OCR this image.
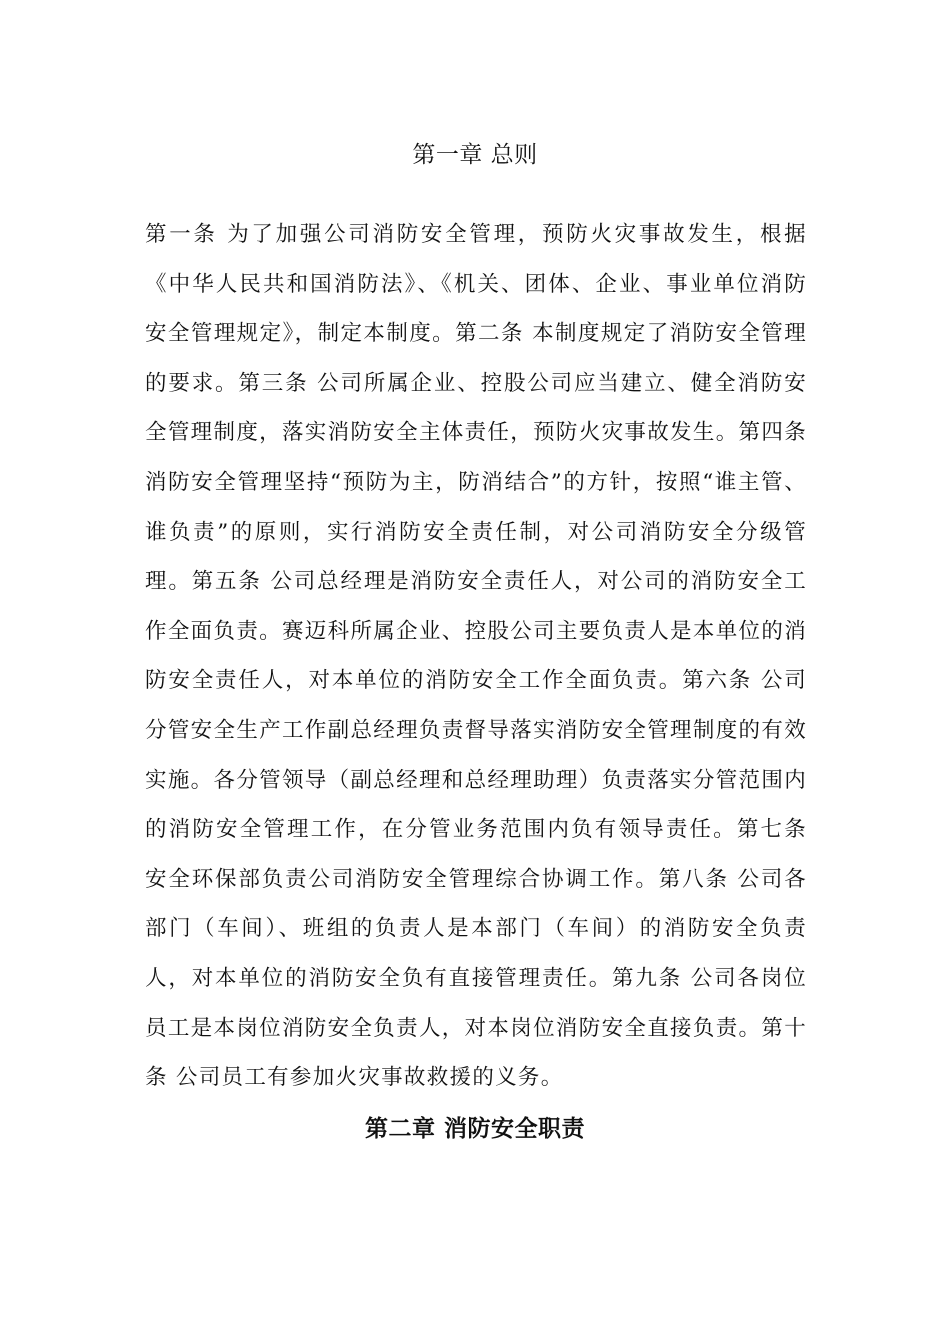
第一章 总则

第一条 为了加强公司消防安全管理，预防火灾事故发生，根据《中华人民共和国消防法》、《机关、团体、企业、事业单位消防安全管理规定》，制定本制度。第二条 本制度规定了消防安全管理的要求。第三条 公司所属企业、控股公司应当建立、健全消防安全管理制度，落实消防安全主体责任，预防火灾事故发生。第四条 消防安全管理坚持“预防为主，防消结合”的方针，按照“谁主管、谁负责”的原则，实行消防安全责任制，对公司消防安全分级管理。第五条 公司总经理是消防安全责任人，对公司的消防安全工作全面负责。赛迈科所属企业、控股公司主要负责人是本单位的消防安全责任人，对本单位的消防安全工作全面负责。第六条 公司分管安全生产工作副总经理负责督导落实消防安全管理制度的有效实施。各分管领导（副总经理和总经理助理）负责落实分管范围内的消防安全管理工作，在分管业务范围内负有领导责任。第七条 安全环保部负责公司消防安全管理综合协调工作。第八条 公司各部门（车间）、班组的负责人是本部门（车间）的消防安全负责人，对本单位的消防安全负有直接管理责任。第九条 公司各岗位员工是本岗位消防安全负责人，对本岗位消防安全直接负责。第十条 公司员工有参加火灾事故救援的义务。

第二章 消防安全职责
